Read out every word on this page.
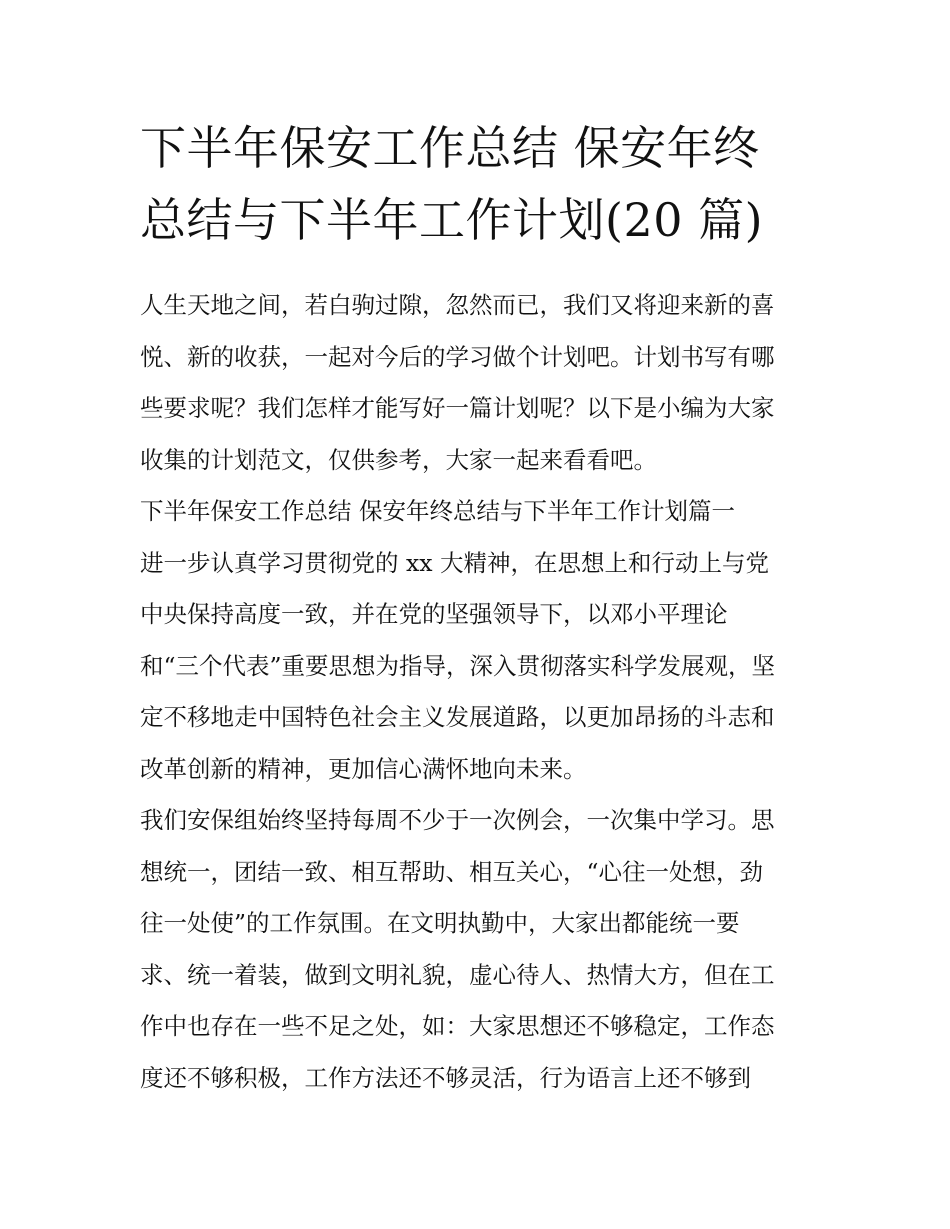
下半年保安工作总结 保安年终
总结与下半年工作计划(20 篇)
人生天地之间，若白驹过隙，忽然而已，我们又将迎来新的喜
悦、新的收获，一起对今后的学习做个计划吧。计划书写有哪
些要求呢？我们怎样才能写好一篇计划呢？以下是小编为大家
收集的计划范文，仅供参考，大家一起来看看吧。
下半年保安工作总结 保安年终总结与下半年工作计划篇一
进一步认真学习贯彻党的 xx 大精神，在思想上和行动上与党
中央保持高度一致，并在党的坚强领导下，以邓小平理论
和“三个代表”重要思想为指导，深入贯彻落实科学发展观，坚
定不移地走中国特色社会主义发展道路，以更加昂扬的斗志和
改革创新的精神，更加信心满怀地向未来。
我们安保组始终坚持每周不少于一次例会，一次集中学习。思
想统一，团结一致、相互帮助、相互关心，“心往一处想，劲
往一处使”的工作氛围。在文明执勤中，大家出都能统一要
求、统一着装，做到文明礼貌，虚心待人、热情大方，但在工
作中也存在一些不足之处，如：大家思想还不够稳定，工作态
度还不够积极，工作方法还不够灵活，行为语言上还不够到
